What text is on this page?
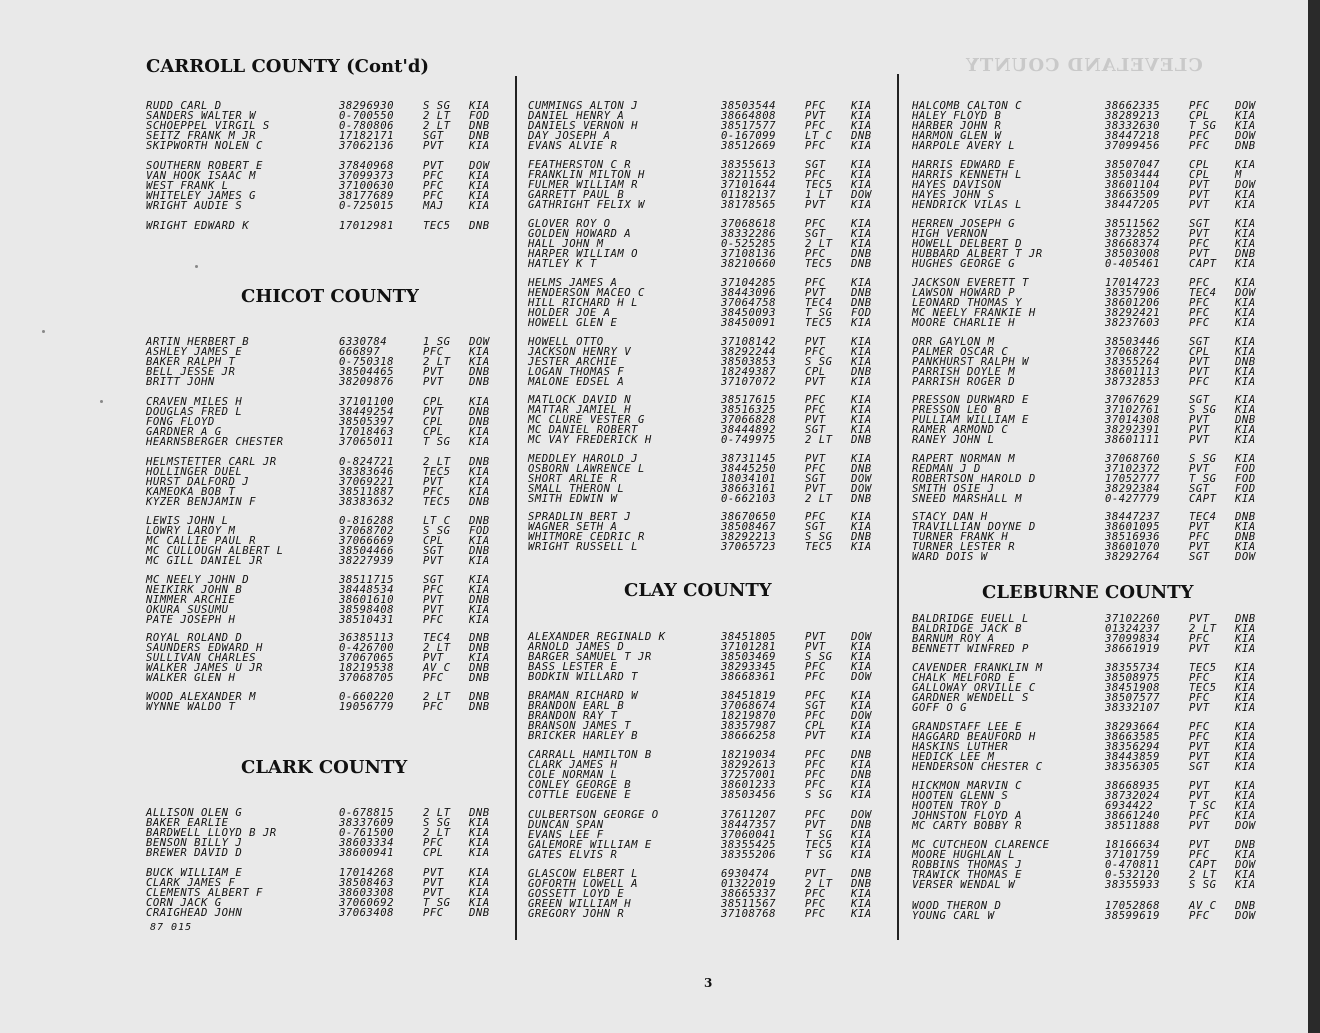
CLEVELAND COUNTY
CARROLL COUNTY (Cont'd)
RUDD CARL D	38296930	S SG KIA
SANDERS WALTER W	0-700550	2 LT FOD
SCHOEPPEL VIRGIL S	0-780806	2 LT DNB
SEITZ FRANK M JR	17182171	SGT DNB
SKIPWORTH NOLEN C	37062136	PVT KIA
SOUTHERN ROBERT E	37840968	PVT DOW
VAN HOOK ISAAC M	37099373	PFC KIA
WEST FRANK L	37100630	PFC KIA
WHITELEY JAMES G	38177689	PFC KIA
WRIGHT AUDIE S	0-725015	MAJ KIA
WRIGHT EDWARD K	17012981	TEC5 DNB
CHICOT COUNTY
ARTIN HERBERT B	6330784	1 SG DOW
ASHLEY JAMES E	666897	PFC KIA
BAKER RALPH T	0-750318	2 LT KIA
BELL JESSE JR	38504465	PVT DNB
BRITT JOHN	38209876	PVT DNB
CRAVEN MILES H	37101100	CPL KIA
DOUGLAS FRED L	38449254	PVT DNB
FONG FLOYD	38505397	CPL DNB
GARDNER A G	17018463	CPL KIA
HEARNSBERGER CHESTER	37065011	T SG KIA
HELMSTETTER CARL JR	0-824721	2 LT DNB
HOLLINGER DUEL	38383646	TEC5 KIA
HURST DALFORD J	37069221	PVT KIA
KAMEOKA BOB T	38511887	PFC KIA
KYZER BENJAMIN F	38383632	TEC5 DNB
LEWIS JOHN L	0-816288	LT C DNB
LOWRY LAROY M	37068702	S SG FOD
MC CALLIE PAUL R	37066669	CPL KIA
MC CULLOUGH ALBERT L	38504466	SGT DNB
MC GILL DANIEL JR	38227939	PVT KIA
MC NEELY JOHN D	38511715	SGT KIA
NEIKIRK JOHN B	38448534	PFC KIA
NIMMER ARCHIE	38601610	PVT DNB
OKURA SUSUMU	38598408	PVT KIA
PATE JOSEPH H	38510431	PFC KIA
ROYAL ROLAND D	36385113	TEC4 DNB
SAUNDERS EDWARD H	0-426700	2 LT DNB
SULLIVAN CHARLES	37067065	PVT KIA
WALKER JAMES U JR	18219538	AV C DNB
WALKER GLEN H	37068705	PFC DNB
WOOD ALEXANDER M	0-660220	2 LT DNB
WYNNE WALDO T	19056779	PFC DNB
CLARK COUNTY
ALLISON OLEN G	0-678815	2 LT DNB
BAKER EARLIE	38337609	S SG KIA
BARDWELL LLOYD B JR	0-761500	2 LT KIA
BENSON BILLY J	38603334	PFC KIA
BREWER DAVID D	38600941	CPL KIA
BUCK WILLIAM E	17014268	PVT KIA
CLARK JAMES F	38508463	PVT KIA
CLEMENTS ALBERT F	38603308	PVT KIA
CORN JACK G	37060692	T SG KIA
CRAIGHEAD JOHN	37063408	PFC DNB
CUMMINGS ALTON J	38503544	PFC KIA
DANIEL HENRY A	38664808	PVT KIA
DANIELS VERNON H	38517577	PFC KIA
DAY JOSEPH A	0-167099	LT C DNB
EVANS ALVIE R	38512669	PFC KIA
FEATHERSTON C R	38355613	SGT KIA
FRANKLIN MILTON H	38211552	PFC KIA
FULMER WILLIAM R	37101644	TEC5 KIA
GARRETT PAUL B	01182137	1 LT DOW
GATHRIGHT FELIX W	38178565	PVT KIA
GLOVER ROY O	37068618	PFC KIA
GOLDEN HOWARD A	38332286	SGT KIA
HALL JOHN M	0-525285	2 LT KIA
HARPER WILLIAM O	37108136	PFC DNB
HATLEY K T	38210660	TEC5 DNB
HELMS JAMES A	37104285	PFC KIA
HENDERSON MACEO C	38443096	PVT DNB
HILL RICHARD H L	37064758	TEC4 DNB
HOLDER JOE A	38450093	T SG FOD
HOWELL GLEN E	38450091	TEC5 KIA
HOWELL OTTO	37108142	PVT KIA
JACKSON HENRY V	38292244	PFC KIA
JESTER ARCHIE	38503853	S SG KIA
LOGAN THOMAS F	18249387	CPL DNB
MALONE EDSEL A	37107072	PVT KIA
MATLOCK DAVID N	38517615	PFC KIA
MATTAR JAMIEL H	38516325	PFC KIA
MC CLURE VESTER G	37066828	PVT KIA
MC DANIEL ROBERT	38444892	SGT KIA
MC VAY FREDERICK H	0-749975	2 LT DNB
MEDDLEY HAROLD J	38731145	PVT KIA
OSBORN LAWRENCE L	38445250	PFC DNB
SHORT ARLIE R	18034101	SGT DOW
SMALL THERON L	38663161	PVT DOW
SMITH EDWIN W	0-662103	2 LT DNB
SPRADLIN BERT J	38670650	PFC KIA
WAGNER SETH A	38508467	SGT KIA
WHITMORE CEDRIC R	38292213	S SG DNB
WRIGHT RUSSELL L	37065723	TEC5 KIA
CLAY COUNTY
ALEXANDER REGINALD K	38451805	PVT DOW
ARNOLD JAMES D	37101281	PVT KIA
BARGER SAMUEL T JR	38503469	S SG KIA
BASS LESTER E	38293345	PFC KIA
BODKIN WILLARD T	38668361	PFC DOW
BRAMAN RICHARD W	38451819	PFC KIA
BRANDON EARL B	37068674	SGT KIA
BRANDON RAY T	18219870	PFC DOW
BRANSON JAMES T	38357987	CPL KIA
BRICKER HARLEY B	38666258	PVT KIA
CARRALL HAMILTON B	18219034	PFC DNB
CLARK JAMES H	38292613	PFC KIA
COLE NORMAN L	37257001	PFC DNB
CONLEY GEORGE B	38601233	PFC KIA
COTTLE EUGENE E	38503456	S SG KIA
CULBERTSON GEORGE O	37611207	PFC DOW
DUNCAN SPAN	38447357	PVT DNB
EVANS LEE F	37060041	T SG KIA
GALEMORE WILLIAM E	38355425	TEC5 KIA
GATES ELVIS R	38355206	T SG KIA
GLASCOW ELBERT L	6930474	PVT DNB
GOFORTH LOWELL A	01322019	2 LT DNB
GOSSETT LOYD E	38665337	PFC KIA
GREEN WILLIAM H	38511567	PFC KIA
GREGORY JOHN R	37108768	PFC KIA
HALCOMB CALTON C	38662335	PFC DOW
HALEY FLOYD B	38289213	CPL KIA
HARBER JOHN R	38332630	T SG KIA
HARMON GLEN W	38447218	PFC DOW
HARPOLE AVERY L	37099456	PFC DNB
HARRIS EDWARD E	38507047	CPL KIA
HARRIS KENNETH L	38503444	CPL M
HAYES DAVISON	38601104	PVT DOW
HAYES JOHN S	38663509	PVT KIA
HENDRICK VILAS L	38447205	PVT KIA
HERREN JOSEPH G	38511562	SGT KIA
HIGH VERNON	38732852	PVT KIA
HOWELL DELBERT D	38668374	PFC KIA
HUBBARD ALBERT T JR	38503008	PVT DNB
HUGHES GEORGE G	0-405461	CAPT KIA
JACKSON EVERETT T	17014723	PFC KIA
LAWSON HOWARD P	38357906	TEC4 DOW
LEONARD THOMAS Y	38601206	PFC KIA
MC NEELY FRANKIE H	38292421	PFC KIA
MOORE CHARLIE H	38237603	PFC KIA
ORR GAYLON M	38503446	SGT KIA
PALMER OSCAR C	37068722	CPL KIA
PANKHURST RALPH W	38355264	PVT DNB
PARRISH DOYLE M	38601113	PVT KIA
PARRISH ROGER D	38732853	PFC KIA
PRESSON DURWARD E	37067629	SGT KIA
PRESSON LEO B	37102761	S SG KIA
PULLIAM WILLIAM E	37014308	PVT DNB
RAMER ARMOND C	38292391	PVT KIA
RANEY JOHN L	38601111	PVT KIA
RAPERT NORMAN M	37068760	S SG KIA
REDMAN J D	37102372	PVT FOD
ROBERTSON HAROLD D	17052777	T SG FOD
SMITH OSIE J	38292384	SGT FOD
SNEED MARSHALL M	0-427779	CAPT KIA
STACY DAN H	38447237	TEC4 DNB
TRAVILLIAN DOYNE D	38601095	PVT KIA
TURNER FRANK H	38516936	PFC DNB
TURNER LESTER R	38601070	PVT KIA
WARD DOIS W	38292764	SGT DOW
CLEBURNE COUNTY
BALDRIDGE EUELL L	37102260	PVT DNB
BALDRIDGE JACK B	01324237	2 LT KIA
BARNUM ROY A	37099834	PFC KIA
BENNETT WINFRED P	38661919	PVT KIA
CAVENDER FRANKLIN M	38355734	TEC5 KIA
CHALK MELFORD E	38508975	PFC KIA
GALLOWAY ORVILLE C	38451908	TEC5 KIA
GARDNER WENDELL S	38507577	PFC KIA
GOFF O G	38332107	PVT KIA
GRANDSTAFF LEE E	38293664	PFC KIA
HAGGARD BEAUFORD H	38663585	PFC KIA
HASKINS LUTHER	38356294	PVT KIA
HEDICK LEE M	38443859	PVT KIA
HENDERSON CHESTER C	38356305	SGT KIA
HICKMON MARVIN C	38668935	PVT KIA
HOOTEN GLENN S	38732024	PVT KIA
HOOTEN TROY D	6934422	T SC KIA
JOHNSTON FLOYD A	38661240	PFC KIA
MC CARTY BOBBY R	38511888	PVT DOW
MC CUTCHEON CLARENCE	18166634	PVT DNB
MOORE HUGHLAN L	37101759	PFC KIA
ROBBINS THOMAS J	0-470811	CAPT DOW
TRAWICK THOMAS E	0-532120	2 LT KIA
VERSER WENDAL W	38355933	S SG KIA
WOOD THERON D	17052868	AV C DNB
YOUNG CARL W	38599619	PFC DOW
87 015
3
